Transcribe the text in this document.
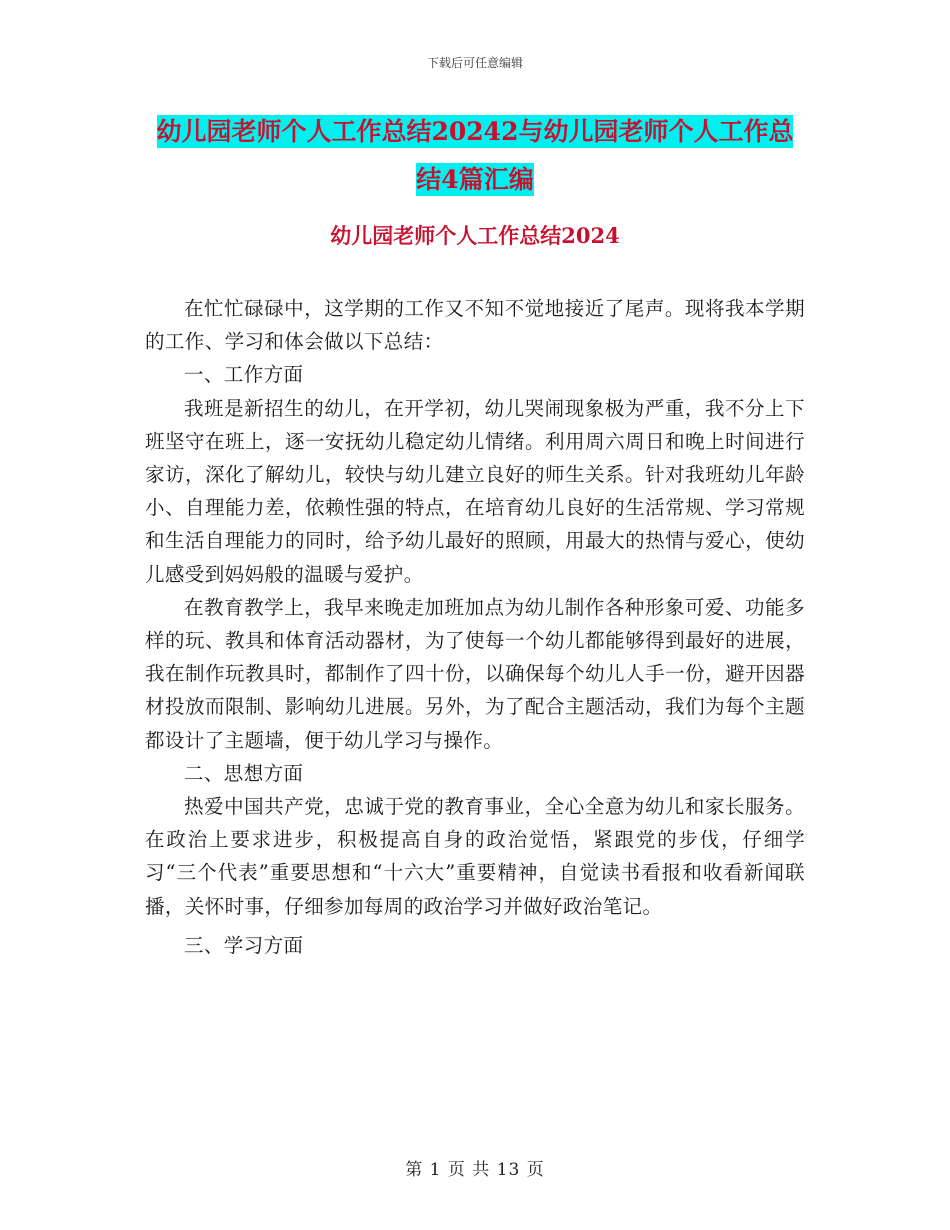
下载后可任意编辑
幼儿园老师个人工作总结20242与幼儿园老师个人工作总结4篇汇编
幼儿园老师个人工作总结2024

在忙忙碌碌中，这学期的工作又不知不觉地接近了尾声。现将我本学期的工作、学习和体会做以下总结：

一、工作方面

我班是新招生的幼儿，在开学初，幼儿哭闹现象极为严重，我不分上下班坚守在班上，逐一安抚幼儿稳定幼儿情绪。利用周六周日和晚上时间进行家访，深化了解幼儿，较快与幼儿建立良好的师生关系。针对我班幼儿年龄小、自理能力差，依赖性强的特点，在培育幼儿良好的生活常规、学习常规和生活自理能力的同时，给予幼儿最好的照顾，用最大的热情与爱心，使幼儿感受到妈妈般的温暖与爱护。

在教育教学上，我早来晚走加班加点为幼儿制作各种形象可爱、功能多样的玩、教具和体育活动器材，为了使每一个幼儿都能够得到最好的进展，我在制作玩教具时，都制作了四十份，以确保每个幼儿人手一份，避开因器材投放而限制、影响幼儿进展。另外，为了配合主题活动，我们为每个主题都设计了主题墙，便于幼儿学习与操作。

二、思想方面

热爱中国共产党，忠诚于党的教育事业，全心全意为幼儿和家长服务。在政治上要求进步，积极提高自身的政治觉悟，紧跟党的步伐，仔细学习“三个代表”重要思想和“十六大”重要精神，自觉读书看报和收看新闻联播，关怀时事，仔细参加每周的政治学习并做好政治笔记。

三、学习方面

第 1 页 共 13 页
